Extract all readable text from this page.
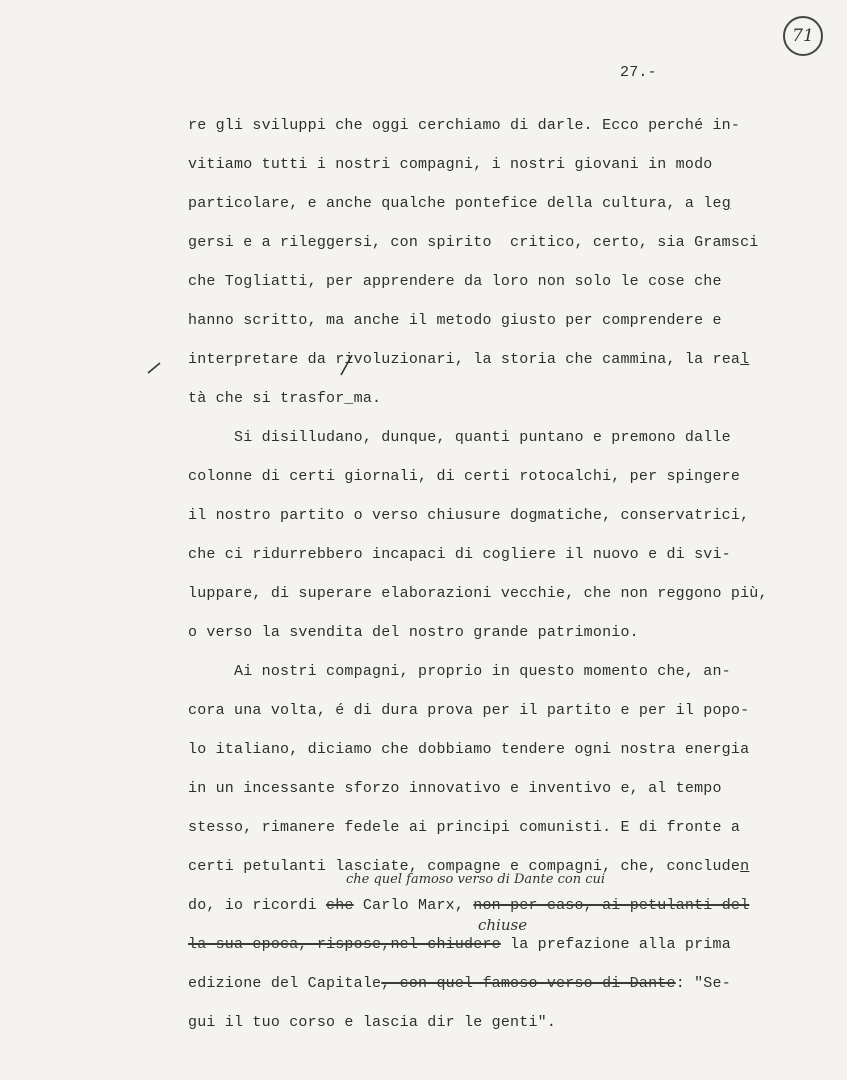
71
27.-
re gli sviluppi che oggi cerchiamo di darle. Ecco perché in-
vitiamo tutti i nostri compagni, i nostri giovani in modo
particolare, e anche qualche pontefice della cultura, a leg
gersi e a rileggersi, con spirito  critico, certo, sia Gramsci
che Togliatti, per apprendere da loro non solo le cose che
hanno scritto, ma anche il metodo giusto per comprendere e
interpretare da rivoluzionari, la storia che cammina, la real
tà che si trasfor_ma.
Si disilludano, dunque, quanti puntano e premono dalle
colonne di certi giornali, di certi rotocalchi, per spingere
il nostro partito o verso chiusure dogmatiche, conservatrici,
che ci ridurrebbero incapaci di cogliere il nuovo e di svi-
luppare, di superare elaborazioni vecchie, che non reggono più,
o verso la svendita del nostro grande patrimonio.
Ai nostri compagni, proprio in questo momento che, an-
cora una volta, é di dura prova per il partito e per il popo-
lo italiano, diciamo che dobbiamo tendere ogni nostra energia
in un incessante sforzo innovativo e inventivo e, al tempo
stesso, rimanere fedele ai principi comunisti. E di fronte a
certi petulanti lasciate, compagne e compagni, che, concluden
che quel famoso verso di Dante con cui
do, io ricordi che Carlo Marx, non per caso, ai petulanti del
chiuse
la sua epoca, rispose,nel chiudere la prefazione alla prima
edizione del Capitale, con quel famoso verso di Dante: "Se-
gui il tuo corso e lascia dir le genti".
